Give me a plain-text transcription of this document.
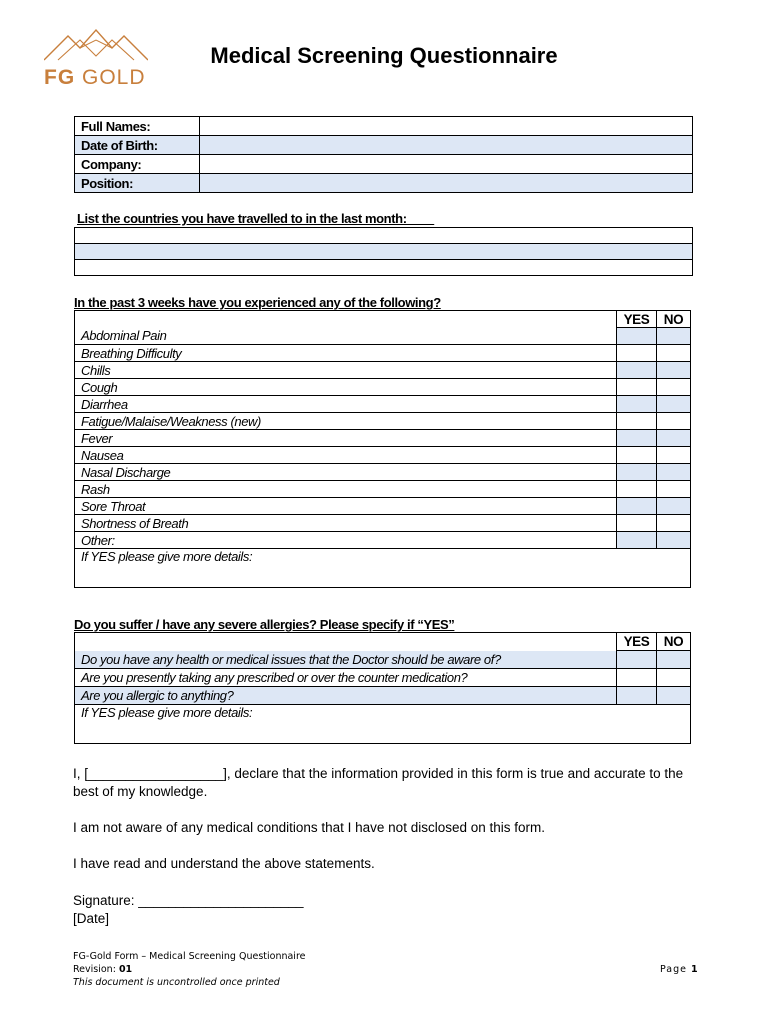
FG GOLD
Medical Screening Questionnaire
Full Names:	
Date of Birth:	
Company:	
Position:	
List the countries you have travelled to in the last month:____

In the past 3 weeks have you experienced any of the following?
	YES	NO
Abdominal Pain		
Breathing Difficulty		
Chills		
Cough		
Diarrhea		
Fatigue/Malaise/Weakness (new)		
Fever		
Nausea		
Nasal Discharge		
Rash		
Sore Throat		
Shortness of Breath		
Other:		
If YES please give more details:		
Do you suffer / have any severe allergies? Please specify if “YES”
	YES	NO
Do you have any health or medical issues that the Doctor should be aware of?		
Are you presently taking any prescribed or over the counter medication?		
Are you allergic to anything?		
If YES please give more details:		
I, [__________________], declare that the information provided in this form is true and accurate to the best of my knowledge.
I am not aware of any medical conditions that I have not disclosed on this form.
I have read and understand the above statements.
Signature: ______________________
[Date]
FG-Gold Form – Medical Screening Questionnaire
Revision: 01
This document is uncontrolled once printed
Page 1
